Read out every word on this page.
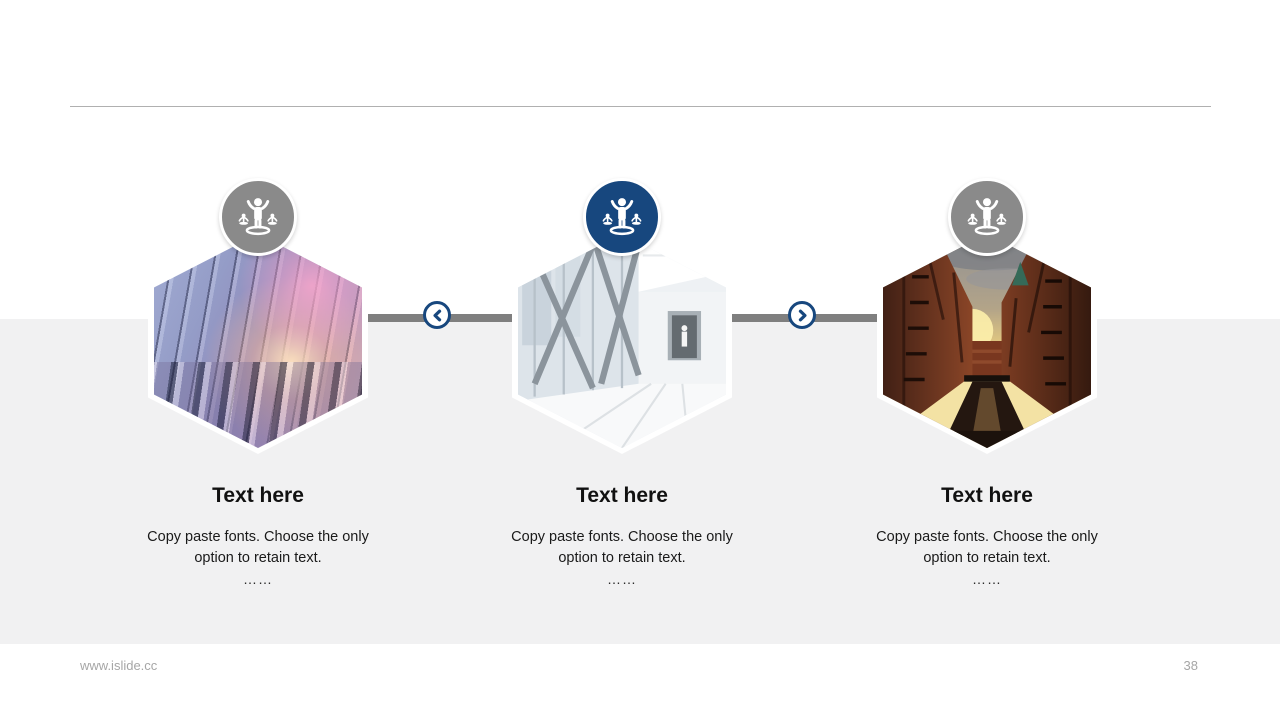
Text here

Copy paste fonts. Choose the only option to retain text.

……
Text here

Copy paste fonts. Choose the only option to retain text.

……
Text here

Copy paste fonts. Choose the only option to retain text.

……
www.islide.cc	38
